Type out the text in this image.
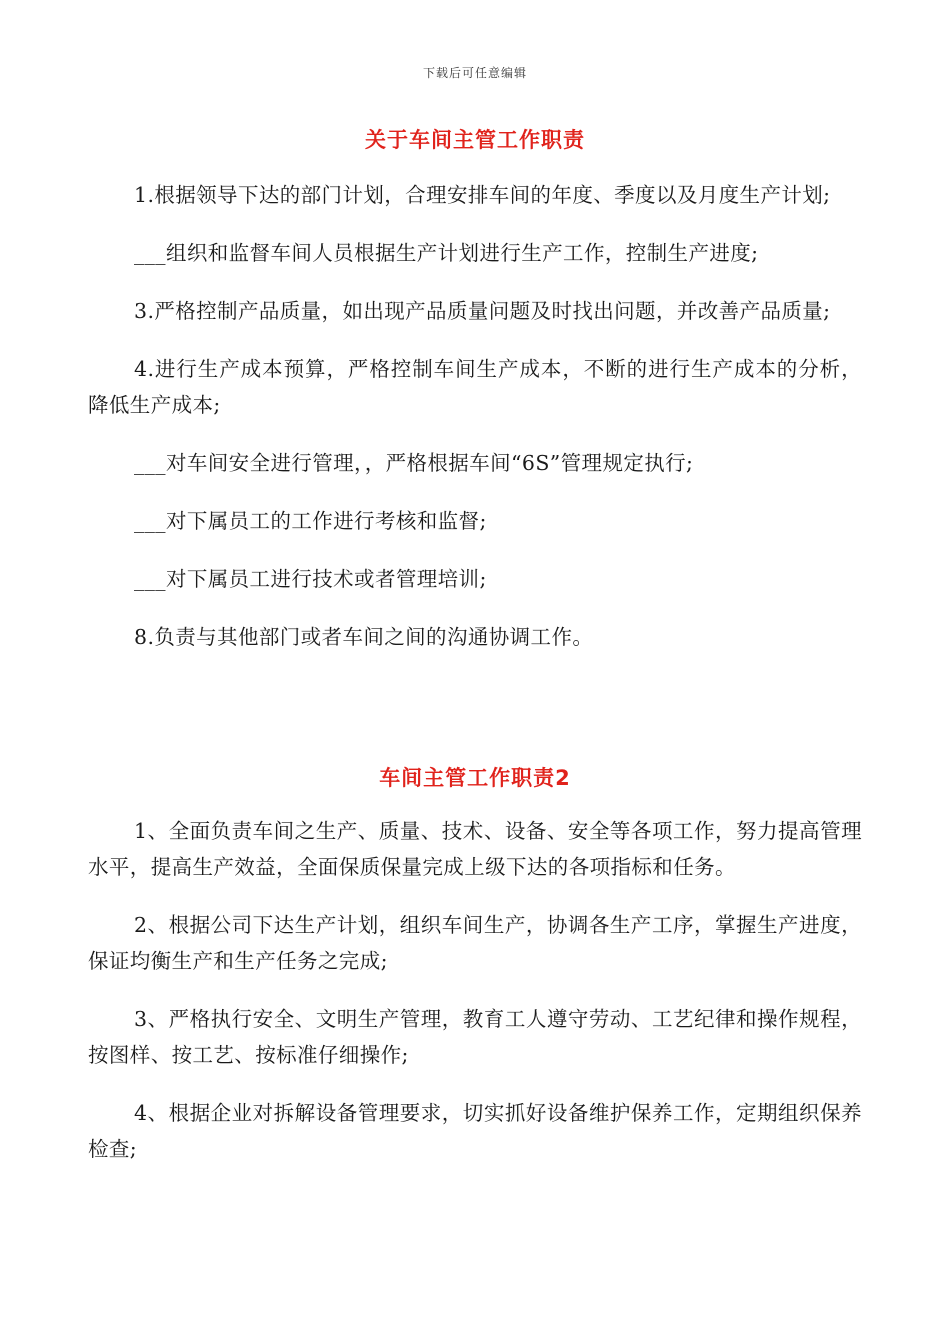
下载后可任意编辑
关于车间主管工作职责

1.根据领导下达的部门计划，合理安排车间的年度、季度以及月度生产计划;

___组织和监督车间人员根据生产计划进行生产工作，控制生产进度;

3.严格控制产品质量，如出现产品质量问题及时找出问题，并改善产品质量;

4.进行生产成本预算，严格控制车间生产成本，不断的进行生产成本的分析，降低生产成本;

___对车间安全进行管理，，严格根据车间“6S”管理规定执行;

___对下属员工的工作进行考核和监督;

___对下属员工进行技术或者管理培训;

8.负责与其他部门或者车间之间的沟通协调工作。

车间主管工作职责2

1、全面负责车间之生产、质量、技术、设备、安全等各项工作，努力提高管理水平，提高生产效益，全面保质保量完成上级下达的各项指标和任务。

2、根据公司下达生产计划，组织车间生产，协调各生产工序，掌握生产进度，保证均衡生产和生产任务之完成;

3、严格执行安全、文明生产管理，教育工人遵守劳动、工艺纪律和操作规程，按图样、按工艺、按标准仔细操作;

4、根据企业对拆解设备管理要求，切实抓好设备维护保养工作，定期组织保养检查;
